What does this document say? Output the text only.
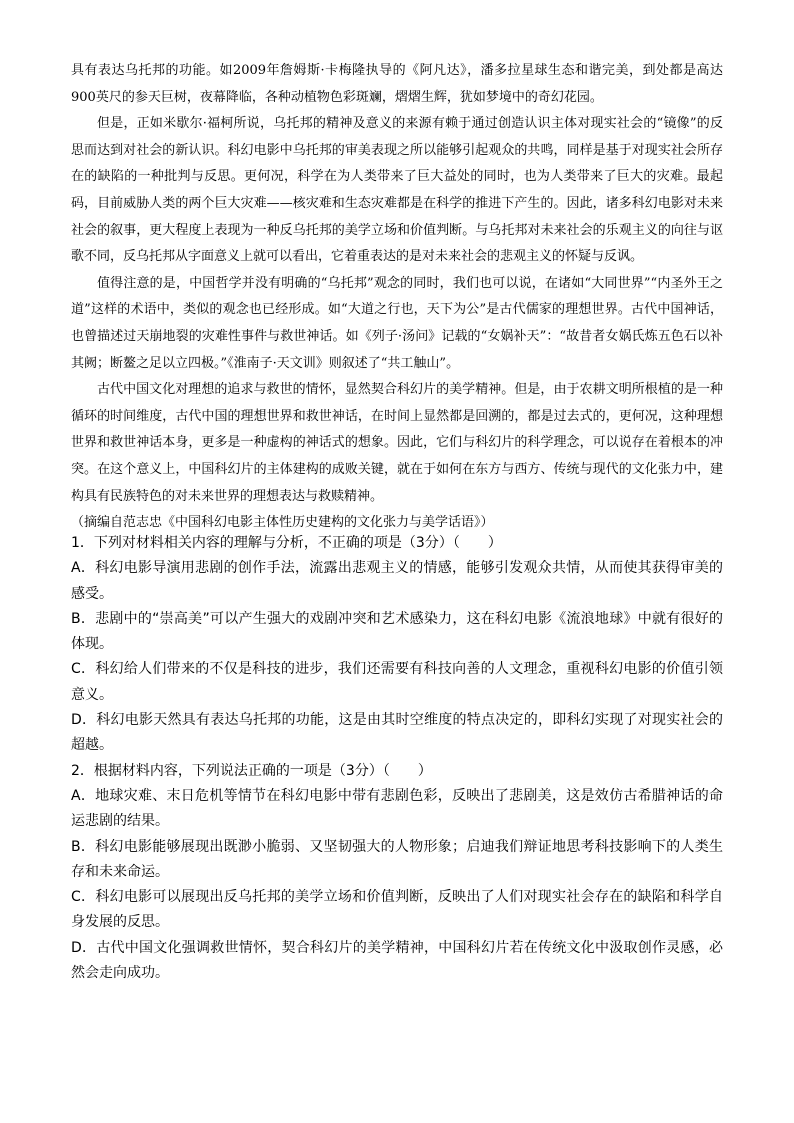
具有表达乌托邦的功能。如2009年詹姆斯·卡梅隆执导的《阿凡达》，潘多拉星球生态和谐完美，到处都是高达900英尺的参天巨树，夜幕降临，各种动植物色彩斑斓，熠熠生辉，犹如梦境中的奇幻花园。

但是，正如米歇尔·福柯所说，乌托邦的精神及意义的来源有赖于通过创造认识主体对现实社会的“镜像”的反思而达到对社会的新认识。科幻电影中乌托邦的审美表现之所以能够引起观众的共鸣，同样是基于对现实社会所存在的缺陷的一种批判与反思。更何况，科学在为人类带来了巨大益处的同时，也为人类带来了巨大的灾难。最起码，目前威胁人类的两个巨大灾难——核灾难和生态灾难都是在科学的推进下产生的。因此，诸多科幻电影对未来社会的叙事，更大程度上表现为一种反乌托邦的美学立场和价值判断。与乌托邦对未来社会的乐观主义的向往与讴歌不同，反乌托邦从字面意义上就可以看出，它着重表达的是对未来社会的悲观主义的怀疑与反讽。

值得注意的是，中国哲学并没有明确的“乌托邦”观念的同时，我们也可以说，在诸如“大同世界”“内圣外王之道”这样的术语中，类似的观念也已经形成。如“大道之行也，天下为公”是古代儒家的理想世界。古代中国神话，也曾描述过天崩地裂的灾难性事件与救世神话。如《列子·汤问》记载的“女娲补天”：“故昔者女娲氏炼五色石以补其阙；断鳌之足以立四极。”《淮南子·天文训》则叙述了“共工触山”。

古代中国文化对理想的追求与救世的情怀，显然契合科幻片的美学精神。但是，由于农耕文明所根植的是一种循环的时间维度，古代中国的理想世界和救世神话，在时间上显然都是回溯的，都是过去式的，更何况，这种理想世界和救世神话本身，更多是一种虚构的神话式的想象。因此，它们与科幻片的科学理念，可以说存在着根本的冲突。在这个意义上，中国科幻片的主体建构的成败关键，就在于如何在东方与西方、传统与现代的文化张力中，建构具有民族特色的对未来世界的理想表达与救赎精神。

（摘编自范志忠《中国科幻电影主体性历史建构的文化张力与美学话语》）

1．下列对材料相关内容的理解与分析，不正确的项是（3分）（　　）

A．科幻电影导演用悲剧的创作手法，流露出悲观主义的情感，能够引发观众共情，从而使其获得审美的感受。

B．悲剧中的“崇高美”可以产生强大的戏剧冲突和艺术感染力，这在科幻电影《流浪地球》中就有很好的体现。

C．科幻给人们带来的不仅是科技的进步，我们还需要有科技向善的人文理念，重视科幻电影的价值引领意义。

D．科幻电影天然具有表达乌托邦的功能，这是由其时空维度的特点决定的，即科幻实现了对现实社会的超越。

2．根据材料内容，下列说法正确的一项是（3分）（　　）

A．地球灾难、末日危机等情节在科幻电影中带有悲剧色彩，反映出了悲剧美，这是效仿古希腊神话的命运悲剧的结果。

B．科幻电影能够展现出既渺小脆弱、又坚韧强大的人物形象；启迪我们辩证地思考科技影响下的人类生存和未来命运。

C．科幻电影可以展现出反乌托邦的美学立场和价值判断，反映出了人们对现实社会存在的缺陷和科学自身发展的反思。

D．古代中国文化强调救世情怀，契合科幻片的美学精神，中国科幻片若在传统文化中汲取创作灵感，必然会走向成功。
